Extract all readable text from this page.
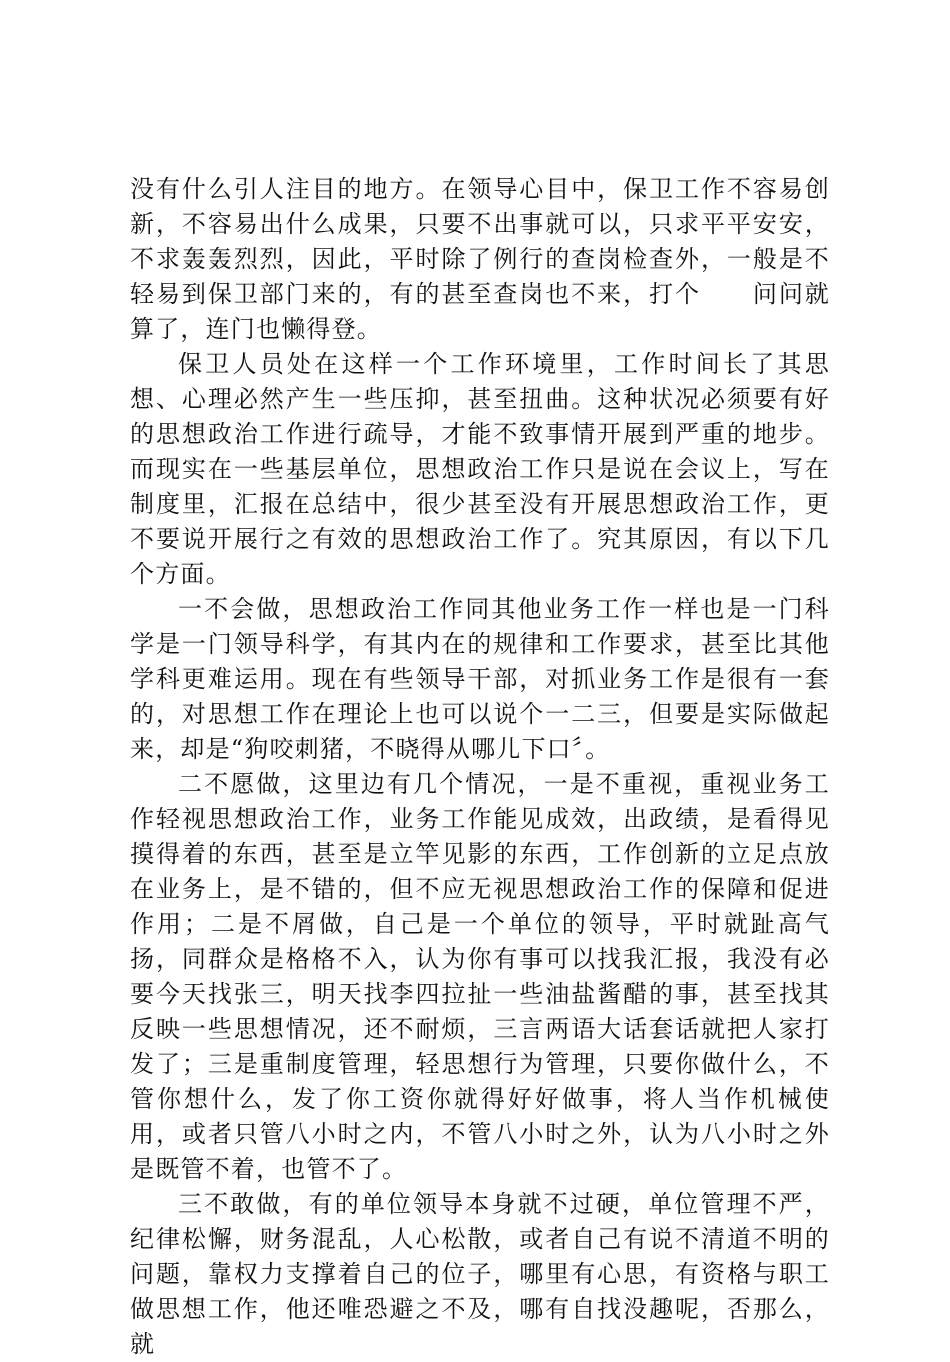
没有什么引人注目的地方。在领导心目中，保卫工作不容易创新，不容易出什么成果，只要不出事就可以，只求平平安安，不求轰轰烈烈，因此，平时除了例行的查岗检查外，一般是不轻易到保卫部门来的，有的甚至查岗也不来，打个　　问问就算了，连门也懒得登。

保卫人员处在这样一个工作环境里，工作时间长了其思想、心理必然产生一些压抑，甚至扭曲。这种状况必须要有好的思想政治工作进行疏导，才能不致事情开展到严重的地步。而现实在一些基层单位，思想政治工作只是说在会议上，写在制度里，汇报在总结中，很少甚至没有开展思想政治工作，更不要说开展行之有效的思想政治工作了。究其原因，有以下几个方面。

一不会做，思想政治工作同其他业务工作一样也是一门科学是一门领导科学，有其内在的规律和工作要求，甚至比其他学科更难运用。现在有些领导干部，对抓业务工作是很有一套的，对思想工作在理论上也可以说个一二三，但要是实际做起来，却是“狗咬刺猪，不晓得从哪儿下口〞。

二不愿做，这里边有几个情况，一是不重视，重视业务工作轻视思想政治工作，业务工作能见成效，出政绩，是看得见摸得着的东西，甚至是立竿见影的东西，工作创新的立足点放在业务上，是不错的，但不应无视思想政治工作的保障和促进作用；二是不屑做，自己是一个单位的领导，平时就趾高气扬，同群众是格格不入，认为你有事可以找我汇报，我没有必要今天找张三，明天找李四拉扯一些油盐酱醋的事，甚至找其反映一些思想情况，还不耐烦，三言两语大话套话就把人家打发了；三是重制度管理，轻思想行为管理，只要你做什么，不管你想什么，发了你工资你就得好好做事，将人当作机械使用，或者只管八小时之内，不管八小时之外，认为八小时之外是既管不着，也管不了。

三不敢做，有的单位领导本身就不过硬，单位管理不严，纪律松懈，财务混乱，人心松散，或者自己有说不清道不明的问题，靠权力支撑着自己的位子，哪里有心思，有资格与职工做思想工作，他还唯恐避之不及，哪有自找没趣呢，否那么，就
